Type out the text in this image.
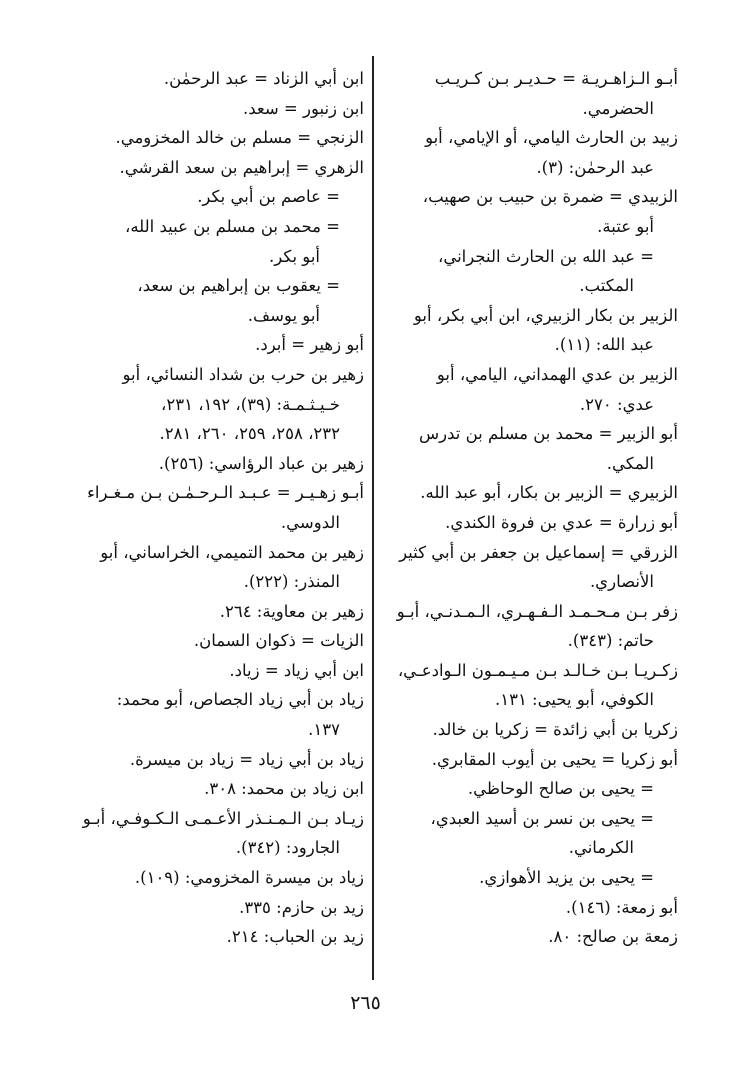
أبـو الـزاهـريـة = حـديـر بـن كـريـب
الحضرمي.
زبيد بن الحارث اليامي، أو الإيامي، أبو
عبد الرحمٰن: (٣).
الزبيدي = ضمرة بن حبيب بن صهيب،
أبو عتبة.
= عبد الله بن الحارث النجراني،
المكتب.
الزبير بن بكار الزبيري، ابن أبي بكر، أبو
عبد الله: (١١).
الزبير بن عدي الهمداني، اليامي، أبو
عدي: ٢٧٠.
أبو الزبير = محمد بن مسلم بن تدرس
المكي.
الزبيري = الزبير بن بكار، أبو عبد الله.
أبو زرارة = عدي بن فروة الكندي.
الزرقي = إسماعيل بن جعفر بن أبي كثير
الأنصاري.
زفر بـن مـحـمـد الـفـهـري، الـمـدنـي، أبـو
حاتم: (٣٤٣).
زكـريـا بـن خـالـد بـن مـيـمـون الـوادعـي،
الكوفي، أبو يحيى: ١٣١.
زكريا بن أبي زائدة = زكريا بن خالد.
أبو زكريا = يحيى بن أيوب المقابري.
= يحيى بن صالح الوحاظي.
= يحيى بن نسر بن أسيد العبدي،
الكرماني.
= يحيى بن يزيد الأهوازي.
أبو زمعة: (١٤٦).
زمعة بن صالح: ٨٠.
ابن أبي الزناد = عبد الرحمٰن.
ابن زنبور = سعد.
الزنجي = مسلم بن خالد المخزومي.
الزهري = إبراهيم بن سعد القرشي.
= عاصم بن أبي بكر.
= محمد بن مسلم بن عبيد الله،
أبو بكر.
= يعقوب بن إبراهيم بن سعد،
أبو يوسف.
أبو زهير = أبرد.
زهير بن حرب بن شداد النسائي، أبو
خـيـثـمـة: (٣٩)، ١٩٢، ٢٣١،
٢٣٢، ٢٥٨، ٢٥٩، ٢٦٠، ٢٨١.
زهير بن عباد الرؤاسي: (٢٥٦).
أبـو زهـيـر = عـبـد الـرحـمٰـن بـن مـغـراء
الدوسي.
زهير بن محمد التميمي، الخراساني، أبو
المنذر: (٢٢٢).
زهير بن معاوية: ٢٦٤.
الزيات = ذكوان السمان.
ابن أبي زياد = زياد.
زياد بن أبي زياد الجصاص، أبو محمد:
١٣٧.
زياد بن أبي زياد = زياد بن ميسرة.
ابن زياد بن محمد: ٣٠٨.
زيـاد بـن الـمـنـذر الأعـمـى الـكـوفـي، أبـو
الجارود: (٣٤٢).
زياد بن ميسرة المخزومي: (١٠٩).
زيد بن حازم: ٣٣٥.
زيد بن الحباب: ٢١٤.
٢٦٥
